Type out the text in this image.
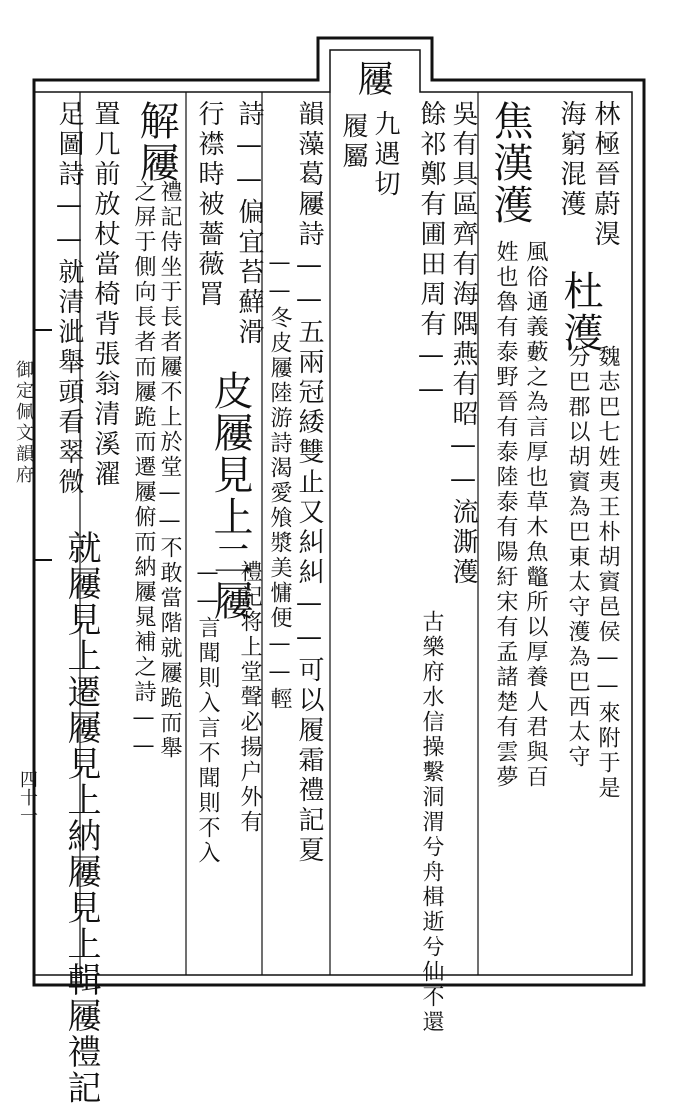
屨
九遇切
履屬	林極晉蔚湨
海窮混濩
杜濩
分巴郡以胡賨為巴東太守濩為巴西太守 魏志巴七姓夷王朴胡賨邑侯——來附于是
焦漢濩
姓也魯有泰野晉有泰陸泰有陽紆宋有孟諸楚有雲夢 風俗通義藪之為言厚也草木魚鼈所以厚養人君與百
吳有具區齊有海隅燕有昭——流澌濩
餘祁鄭有圃田周有——
古樂府水信操繫洞渭兮舟楫逝兮仙不還
韻藻葛屨詩——五兩冠緌雙止又糾糾——可以履霜禮記夏
——冬皮屨陸游詩渴愛飧漿美慵便——輕
詩——偏宜苔蘚滑
皮屨見上二屨
禮記将上堂聲必揚户外有
行襟時被薔薇罥
——言聞則入言不聞則不入
解屨
禮記侍坐于長者屨不上於堂——不敢當階就屨跪而舉
之屏于側向長者而屨跪而遷屨俯而納屨晁補之詩——
置几前放杖當椅背張翁清溪濯
足圖詩——就清泚舉頭看翠微
就屨見上遷屨見上納屨見上輯屨禮記
御定佩文韻府
四十一
